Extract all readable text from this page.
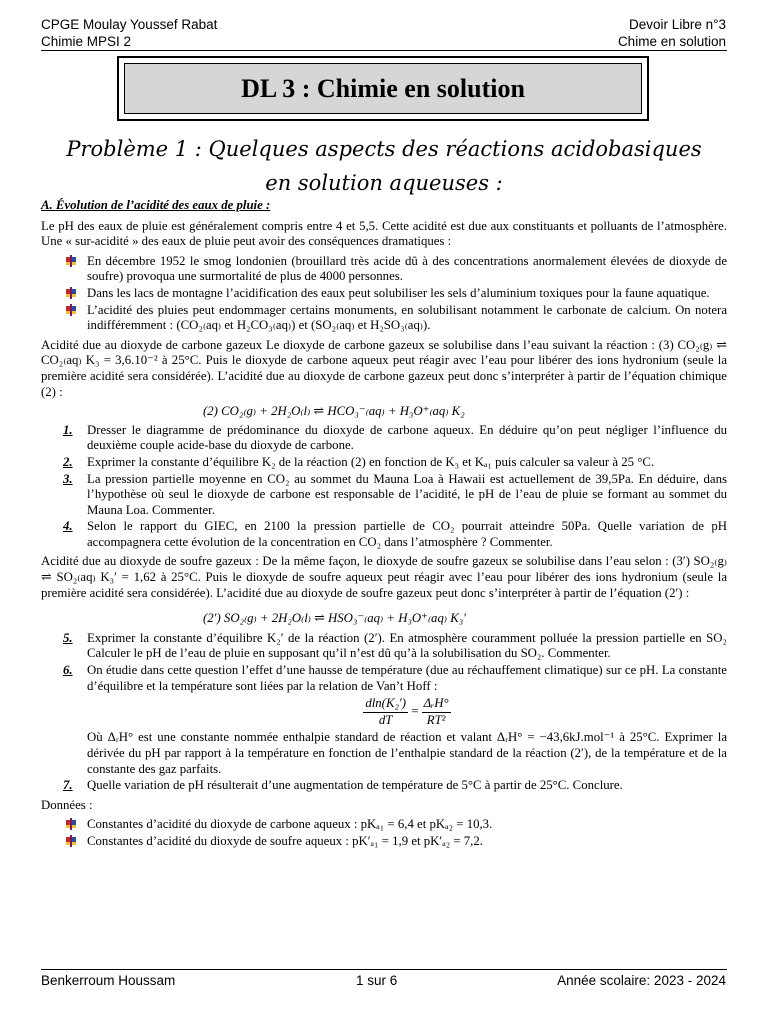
CPGE Moulay Youssef Rabat
Chimie MPSI 2
Devoir Libre n°3
Chime en solution
DL 3 : Chimie en solution
Problème 1 : Quelques aspects des réactions acidobasiques
en solution aqueuses :
A. Évolution de l’acidité des eaux de pluie :

Le pH des eaux de pluie est généralement compris entre 4 et 5,5. Cette acidité est due aux constituants et polluants de l’atmosphère. Une « sur-acidité » des eaux de pluie peut avoir des conséquences dramatiques :

En décembre 1952 le smog londonien (brouillard très acide dû à des concentrations anormalement élevées de dioxyde de soufre) provoqua une surmortalité de plus de 4000 personnes.
Dans les lacs de montagne l’acidification des eaux peut solubiliser les sels d’aluminium toxiques pour la faune aquatique.
L’acidité des pluies peut endommager certains monuments, en solubilisant notamment le carbonate de calcium. On notera indifféremment : (CO₂₍aq₎ et H₂CO₃₍aq₎) et (SO₂₍aq₎ et H₂SO₃₍aq₎).

Acidité due au dioxyde de carbone gazeux Le dioxyde de carbone gazeux se solubilise dans l’eau suivant la réaction : (3) CO₂₍g₎ ⇌ CO₂₍aq₎ K₃ = 3,6.10⁻² à 25°C. Puis le dioxyde de carbone aqueux peut réagir avec l’eau pour libérer des ions hydronium (seule la première acidité sera considérée). L’acidité due au dioxyde de carbone gazeux peut donc s’interpréter à partir de l’équation chimique (2) :

(2) CO₂₍g₎ + 2H₂O₍l₎ ⇌ HCO₃⁻₍aq₎ + H₃O⁺₍aq₎ K₂
1. Dresser le diagramme de prédominance du dioxyde de carbone aqueux. En déduire qu’on peut négliger l’influence du deuxième couple acide-base du dioxyde de carbone.
2. Exprimer la constante d’équilibre K₂ de la réaction (2) en fonction de K₃ et Kₐ₁ puis calculer sa valeur à 25 °C.
3. La pression partielle moyenne en CO₂ au sommet du Mauna Loa à Hawaii est actuellement de 39,5Pa. En déduire, dans l’hypothèse où seul le dioxyde de carbone est responsable de l’acidité, le pH de l’eau de pluie se formant au sommet du Mauna Loa. Commenter.
4. Selon le rapport du GIEC, en 2100 la pression partielle de CO₂ pourrait atteindre 50Pa. Quelle variation de pH accompagnera cette évolution de la concentration en CO₂ dans l’atmosphère ? Commenter.

Acidité due au dioxyde de soufre gazeux : De la même façon, le dioxyde de soufre gazeux se solubilise dans l’eau selon : (3′) SO₂₍g₎ ⇌ SO₂₍aq₎ K₃′ = 1,62 à 25°C. Puis le dioxyde de soufre aqueux peut réagir avec l’eau pour libérer des ions hydronium (seule la première acidité sera considérée). L’acidité due au dioxyde de soufre gazeux peut donc s’interpréter à partir de l’équation (2′) :

(2′) SO₂₍g₎ + 2H₂O₍l₎ ⇌ HSO₃⁻₍aq₎ + H₃O⁺₍aq₎ K₃′
5. Exprimer la constante d’équilibre K₂′ de la réaction (2′). En atmosphère couramment polluée la pression partielle en SO₂ Calculer le pH de l’eau de pluie en supposant qu’il n’est dû qu’à la solubilisation du SO₂. Commenter.
6. On étudie dans cette question l’effet d’une hausse de température (due au réchauffement climatique) sur ce pH. La constante d’équilibre et la température sont liées par la relation de Van’t Hoff :
$\frac{\text{dln(K₂′)}}{dT} = \frac{\text{ΔᵣH°}}{\text{RT²}}$
Où ΔᵣH° est une constante nommée enthalpie standard de réaction et valant ΔᵣH° = −43,6kJ.mol⁻¹ à 25°C. Exprimer la dérivée du pH par rapport à la température en fonction de l’enthalpie standard de la réaction (2′), de la température et de la constante des gaz parfaits.
7. Quelle variation de pH résulterait d’une augmentation de température de 5°C à partir de 25°C. Conclure.

Données :

Constantes d’acidité du dioxyde de carbone aqueux : pKₐ₁ = 6,4 et pKₐ₂ = 10,3.
Constantes d’acidité du dioxyde de soufre aqueux : pK′ₐ₁ = 1,9 et pK′ₐ₂ = 7,2.
Benkerroum Houssam	1 sur 6	Année scolaire: 2023 - 2024
